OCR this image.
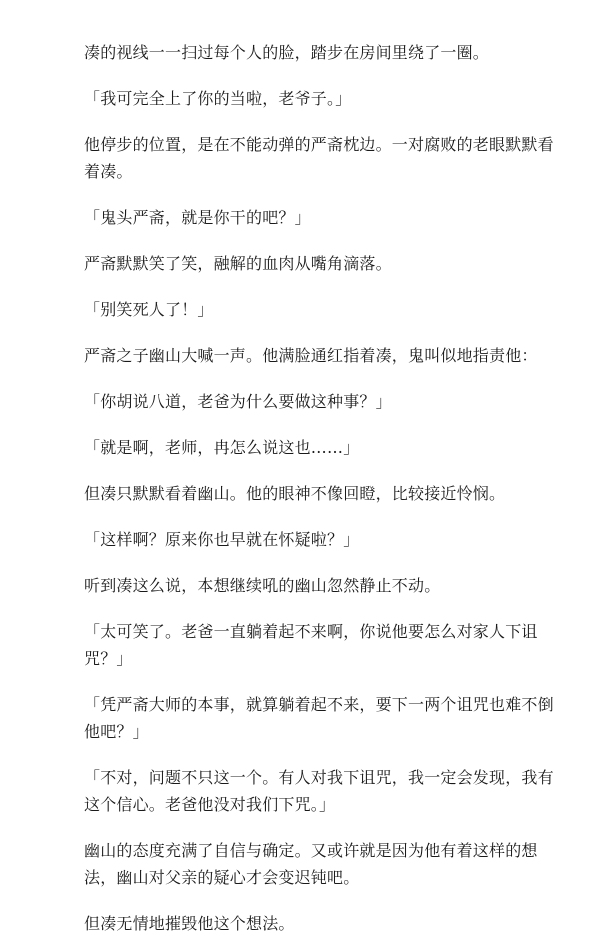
凑的视线一一扫过每个人的脸，踏步在房间里绕了一圈。

「我可完全上了你的当啦，老爷子。」

他停步的位置，是在不能动弹的严斋枕边。一对腐败的老眼默默看着凑。

「鬼头严斋，就是你干的吧？」

严斋默默笑了笑，融解的血肉从嘴角滴落。

「别笑死人了！」

严斋之子幽山大喊一声。他满脸通红指着凑，鬼叫似地指责他：

「你胡说八道，老爸为什么要做这种事？」

「就是啊，老师，冉怎么说这也……」

但凑只默默看着幽山。他的眼神不像回瞪，比较接近怜悯。

「这样啊？原来你也早就在怀疑啦？」

听到凑这么说，本想继续吼的幽山忽然静止不动。

「太可笑了。老爸一直躺着起不来啊，你说他要怎么对家人下诅咒？」

「凭严斋大师的本事，就算躺着起不来，要下一两个诅咒也难不倒他吧？」

「不对，问题不只这一个。有人对我下诅咒，我一定会发现，我有这个信心。老爸他没对我们下咒。」

幽山的态度充满了自信与确定。又或许就是因为他有着这样的想法，幽山对父亲的疑心才会变迟钝吧。

但凑无情地摧毁他这个想法。
